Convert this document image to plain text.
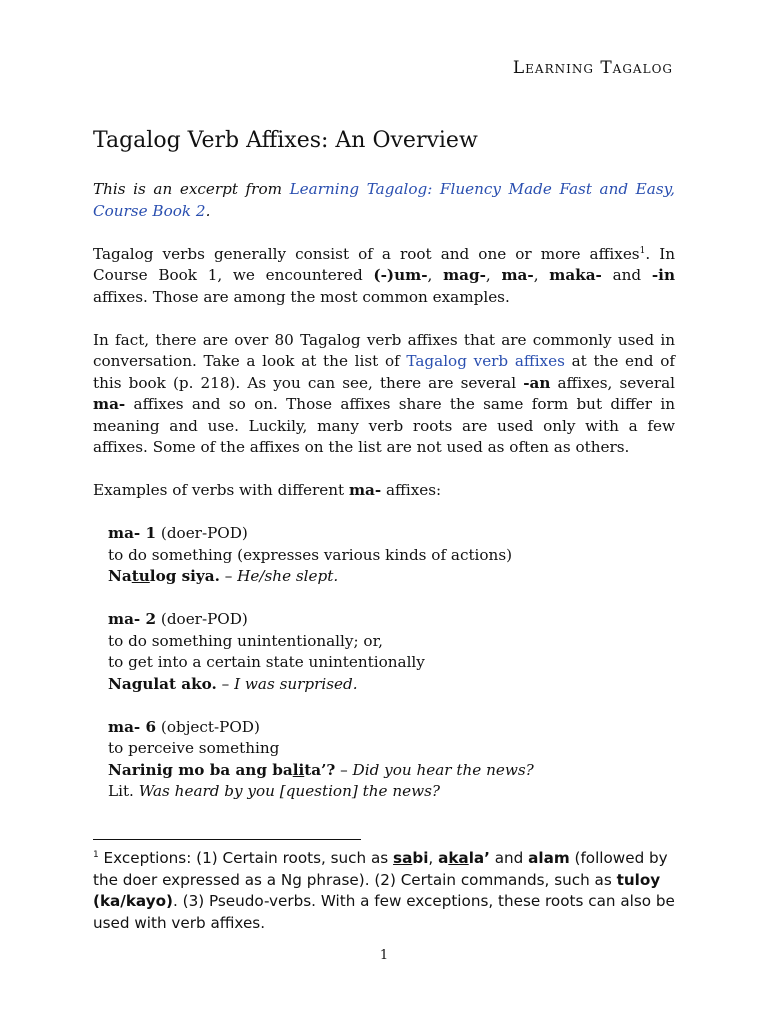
Learning Tagalog
Tagalog Verb Affixes: An Overview

This is an excerpt from Learning Tagalog: Fluency Made Fast and Easy, Course Book 2.

Tagalog verbs generally consist of a root and one or more affixes$^1$. In Course Book 1, we encountered (-)um-, mag-, ma-, maka- and -in affixes. Those are among the most common examples.

In fact, there are over 80 Tagalog verb affixes that are commonly used in conversation. Take a look at the list of Tagalog verb affixes at the end of this book (p. 218). As you can see, there are several -an affixes, several ma- affixes and so on. Those affixes share the same form but differ in meaning and use. Luckily, many verb roots are used only with a few affixes. Some of the affixes on the list are not used as often as others.

Examples of verbs with different ma- affixes:

ma- 1 (doer-POD)
to do something (expresses various kinds of actions)
Natulog siya. – He/she slept.
ma- 2 (doer-POD)
to do something unintentionally; or,
to get into a certain state unintentionally
Nagulat ako. – I was surprised.
ma- 6 (object-POD)
to perceive something
Narinig mo ba ang balita’? – Did you hear the news?
Lit. Was heard by you [question] the news?
$^1$ Exceptions: (1) Certain roots, such as sabi, akala’ and alam (followed by the doer expressed as a Ng phrase). (2) Certain commands, such as tuloy (ka/kayo). (3) Pseudo-verbs. With a few exceptions, these roots can also be used with verb affixes.
1
